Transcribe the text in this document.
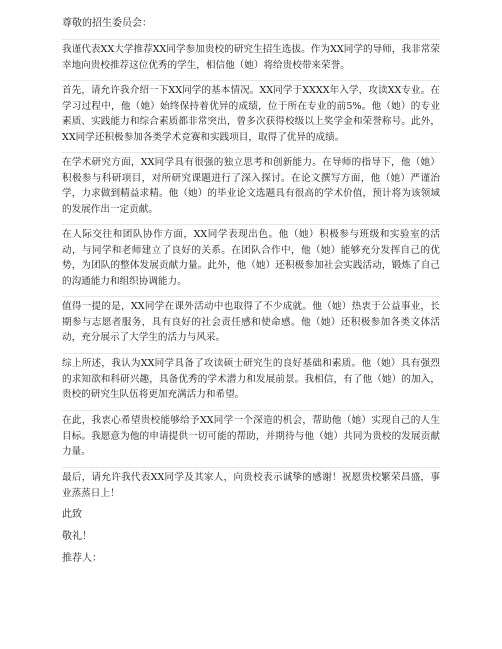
尊敬的招生委员会：
我谨代表XX大学推荐XX同学参加贵校的研究生招生选拔。作为XX同学的导师，我非常荣幸地向贵校推荐这位优秀的学生，相信他（她）将给贵校带来荣誉。
首先，请允许我介绍一下XX同学的基本情况。XX同学于XXXX年入学，攻读XX专业。在学习过程中，他（她）始终保持着优异的成绩，位于所在专业的前5%。他（她）的专业素质、实践能力和综合素质都非常突出，曾多次获得校级以上奖学金和荣誉称号。此外，XX同学还积极参加各类学术竞赛和实践项目，取得了优异的成绩。
在学术研究方面，XX同学具有很强的独立思考和创新能力。在导师的指导下，他（她）积极参与科研项目，对所研究课题进行了深入探讨。在论文撰写方面，他（她）严谨治学，力求做到精益求精。他（她）的毕业论文选题具有很高的学术价值，预计将为该领域的发展作出一定贡献。
在人际交往和团队协作方面，XX同学表现出色。他（她）积极参与班级和实验室的活动，与同学和老师建立了良好的关系。在团队合作中，他（她）能够充分发挥自己的优势，为团队的整体发展贡献力量。此外，他（她）还积极参加社会实践活动，锻炼了自己的沟通能力和组织协调能力。
值得一提的是，XX同学在课外活动中也取得了不少成就。他（她）热衷于公益事业，长期参与志愿者服务，具有良好的社会责任感和使命感。他（她）还积极参加各类文体活动，充分展示了大学生的活力与风采。
综上所述，我认为XX同学具备了攻读硕士研究生的良好基础和素质。他（她）具有强烈的求知欲和科研兴趣，具备优秀的学术潜力和发展前景。我相信，有了他（她）的加入，贵校的研究生队伍将更加充满活力和希望。
在此，我衷心希望贵校能够给予XX同学一个深造的机会，帮助他（她）实现自己的人生目标。我愿意为他的申请提供一切可能的帮助，并期待与他（她）共同为贵校的发展贡献力量。
最后，请允许我代表XX同学及其家人，向贵校表示诚挚的感谢！祝愿贵校繁荣昌盛，事业蒸蒸日上！
此致
敬礼！
推荐人：
